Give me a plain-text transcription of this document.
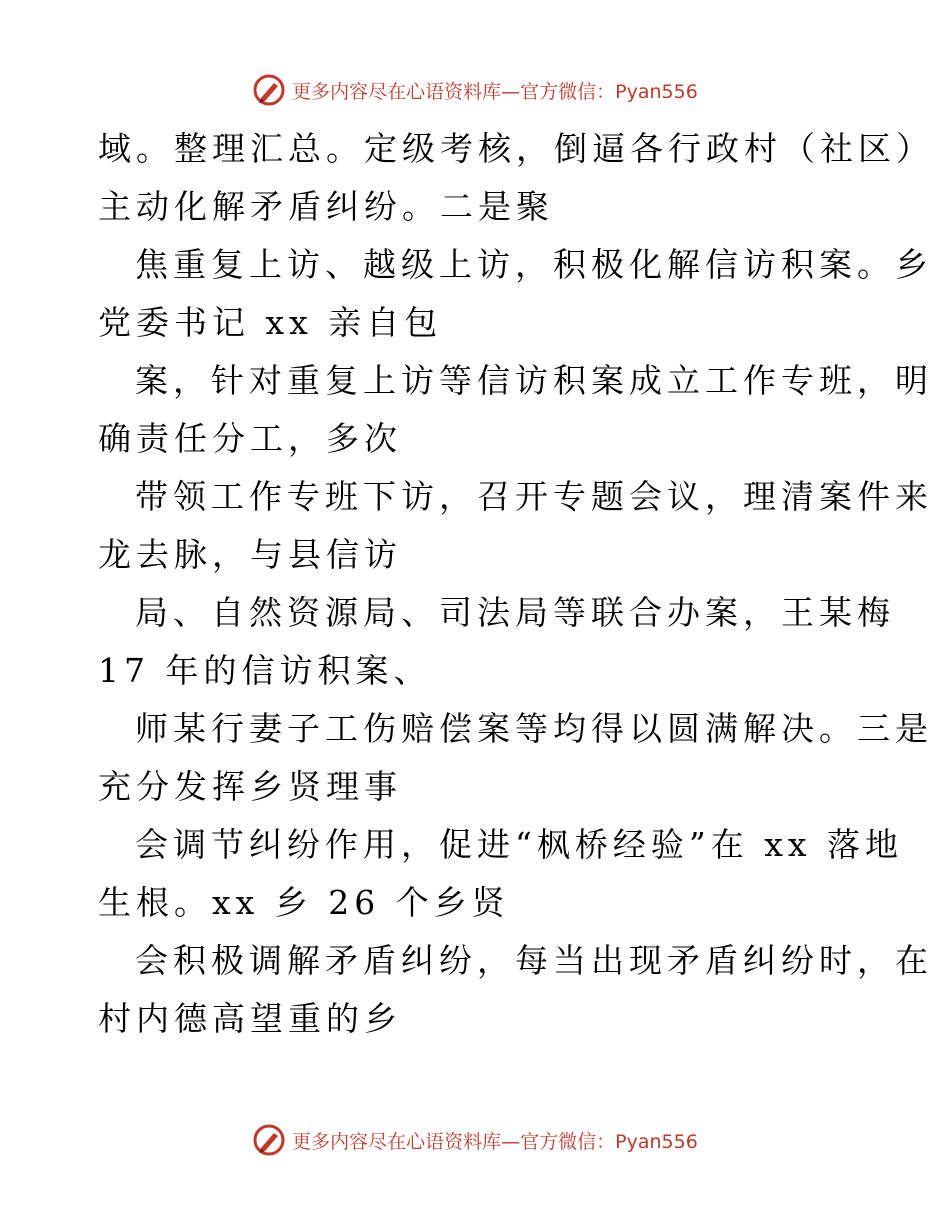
更多内容尽在心语资料库—官方微信：Pyan556
域。整理汇总。定级考核，倒逼各行政村（社区）
主动化解矛盾纠纷。二是聚
焦重复上访、越级上访，积极化解信访积案。乡
党委书记 xx 亲自包
案，针对重复上访等信访积案成立工作专班，明
确责任分工，多次
带领工作专班下访，召开专题会议，理清案件来
龙去脉，与县信访
局、自然资源局、司法局等联合办案，王某梅
17 年的信访积案、
师某行妻子工伤赔偿案等均得以圆满解决。三是
充分发挥乡贤理事
会调节纠纷作用，促进“枫桥经验”在 xx 落地
生根。xx 乡 26 个乡贤
会积极调解矛盾纠纷，每当出现矛盾纠纷时，在
村内德高望重的乡
更多内容尽在心语资料库—官方微信：Pyan556
